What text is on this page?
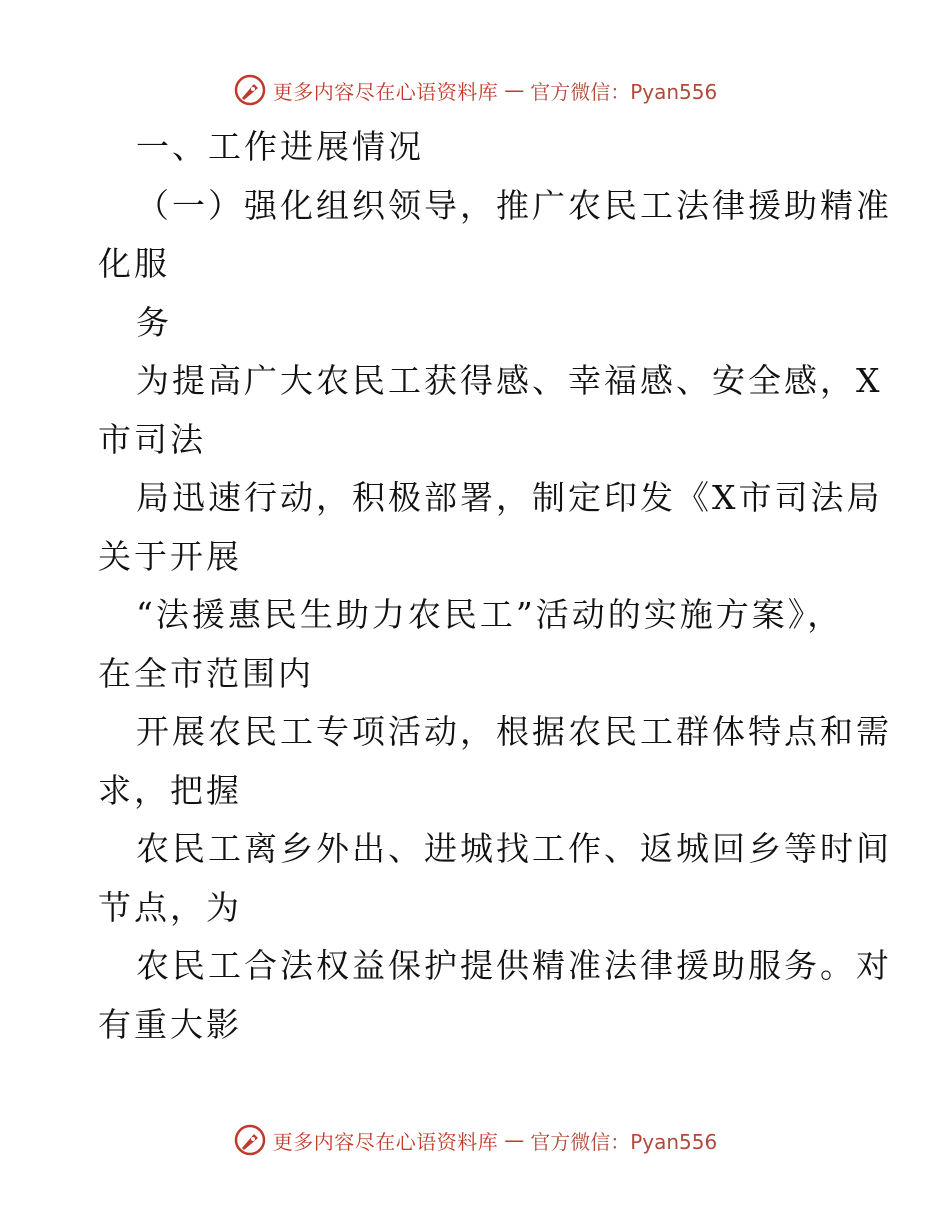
更多内容尽在心语资料库 — 官方微信：Pyan556
一、工作进展情况
（一）强化组织领导，推广农民工法律援助精准
化服
务
为提高广大农民工获得感、幸福感、安全感，X
市司法
局迅速行动，积极部署，制定印发《X市司法局
关于开展
“法援惠民生助力农民工”活动的实施方案》，
在全市范围内
开展农民工专项活动，根据农民工群体特点和需
求，把握
农民工离乡外出、进城找工作、返城回乡等时间
节点，为
农民工合法权益保护提供精准法律援助服务。对
有重大影
更多内容尽在心语资料库 — 官方微信：Pyan556
